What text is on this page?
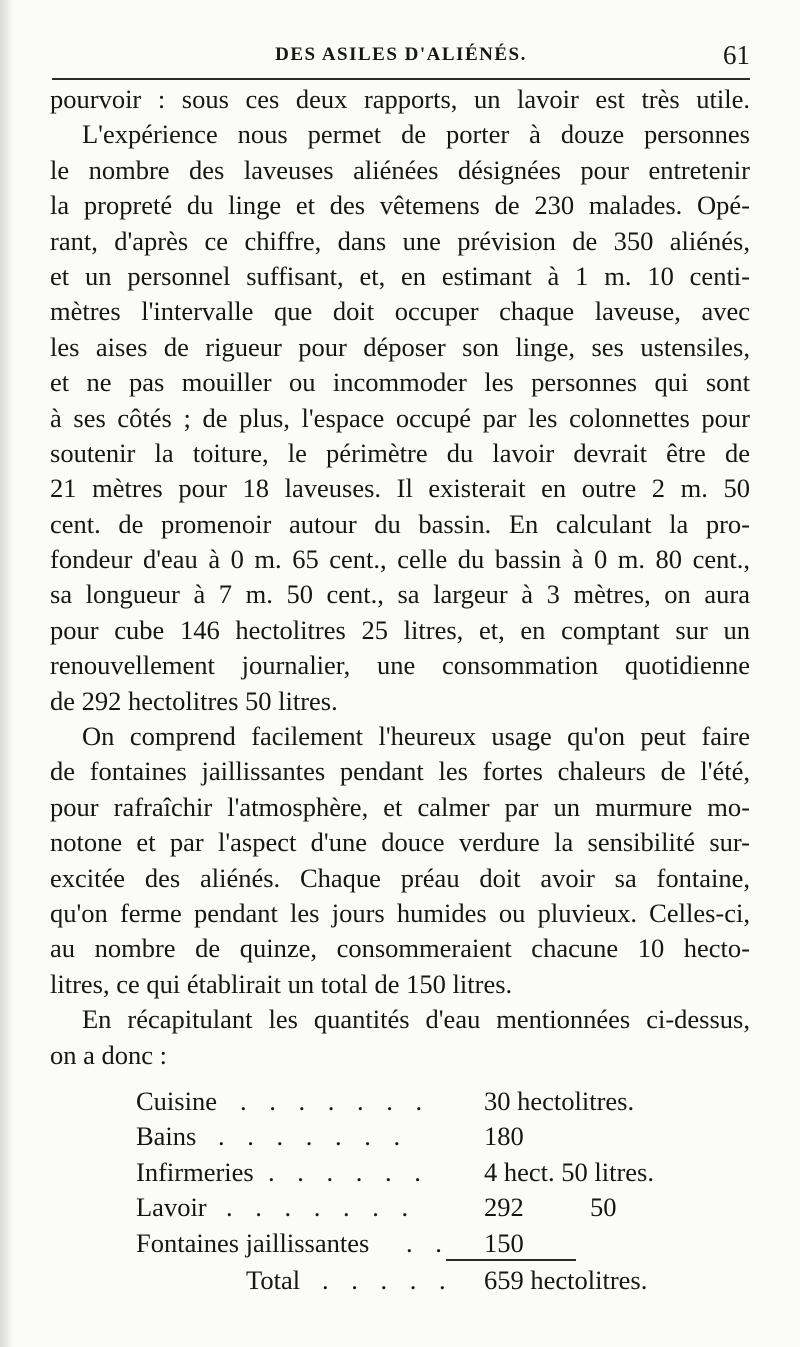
DES ASILES D'ALIÉNÉS.	61
pourvoir : sous ces deux rapports, un lavoir est très utile.
L'expérience nous permet de porter à douze personnes
le nombre des laveuses aliénées désignées pour entretenir
la propreté du linge et des vêtemens de 230 malades. Opé-
rant, d'après ce chiffre, dans une prévision de 350 aliénés,
et un personnel suffisant, et, en estimant à 1 m. 10 centi-
mètres l'intervalle que doit occuper chaque laveuse, avec
les aises de rigueur pour déposer son linge, ses ustensiles,
et ne pas mouiller ou incommoder les personnes qui sont
à ses côtés ; de plus, l'espace occupé par les colonnettes pour
soutenir la toiture, le périmètre du lavoir devrait être de
21 mètres pour 18 laveuses. Il existerait en outre 2 m. 50
cent. de promenoir autour du bassin. En calculant la pro-
fondeur d'eau à 0 m. 65 cent., celle du bassin à 0 m. 80 cent.,
sa longueur à 7 m. 50 cent., sa largeur à 3 mètres, on aura
pour cube 146 hectolitres 25 litres, et, en comptant sur un
renouvellement journalier, une consommation quotidienne
de 292 hectolitres 50 litres.
On comprend facilement l'heureux usage qu'on peut faire
de fontaines jaillissantes pendant les fortes chaleurs de l'été,
pour rafraîchir l'atmosphère, et calmer par un murmure mo-
notone et par l'aspect d'une douce verdure la sensibilité sur-
excitée des aliénés. Chaque préau doit avoir sa fontaine,
qu'on ferme pendant les jours humides ou pluvieux. Celles-ci,
au nombre de quinze, consommeraient chacune 10 hecto-
litres, ce qui établirait un total de 150 litres.
En récapitulant les quantités d'eau mentionnées ci-dessus,
on a donc :
Cuisine . . . . . . . 30 hectolitres.
Bains . . . . . . .	180
Infirmeries . . . . . . 4 hect. 50 litres.
Lavoir . . . . . . .	292          50
Fontaines jaillissantes . . 150
Total . . . . . 659 hectolitres.
